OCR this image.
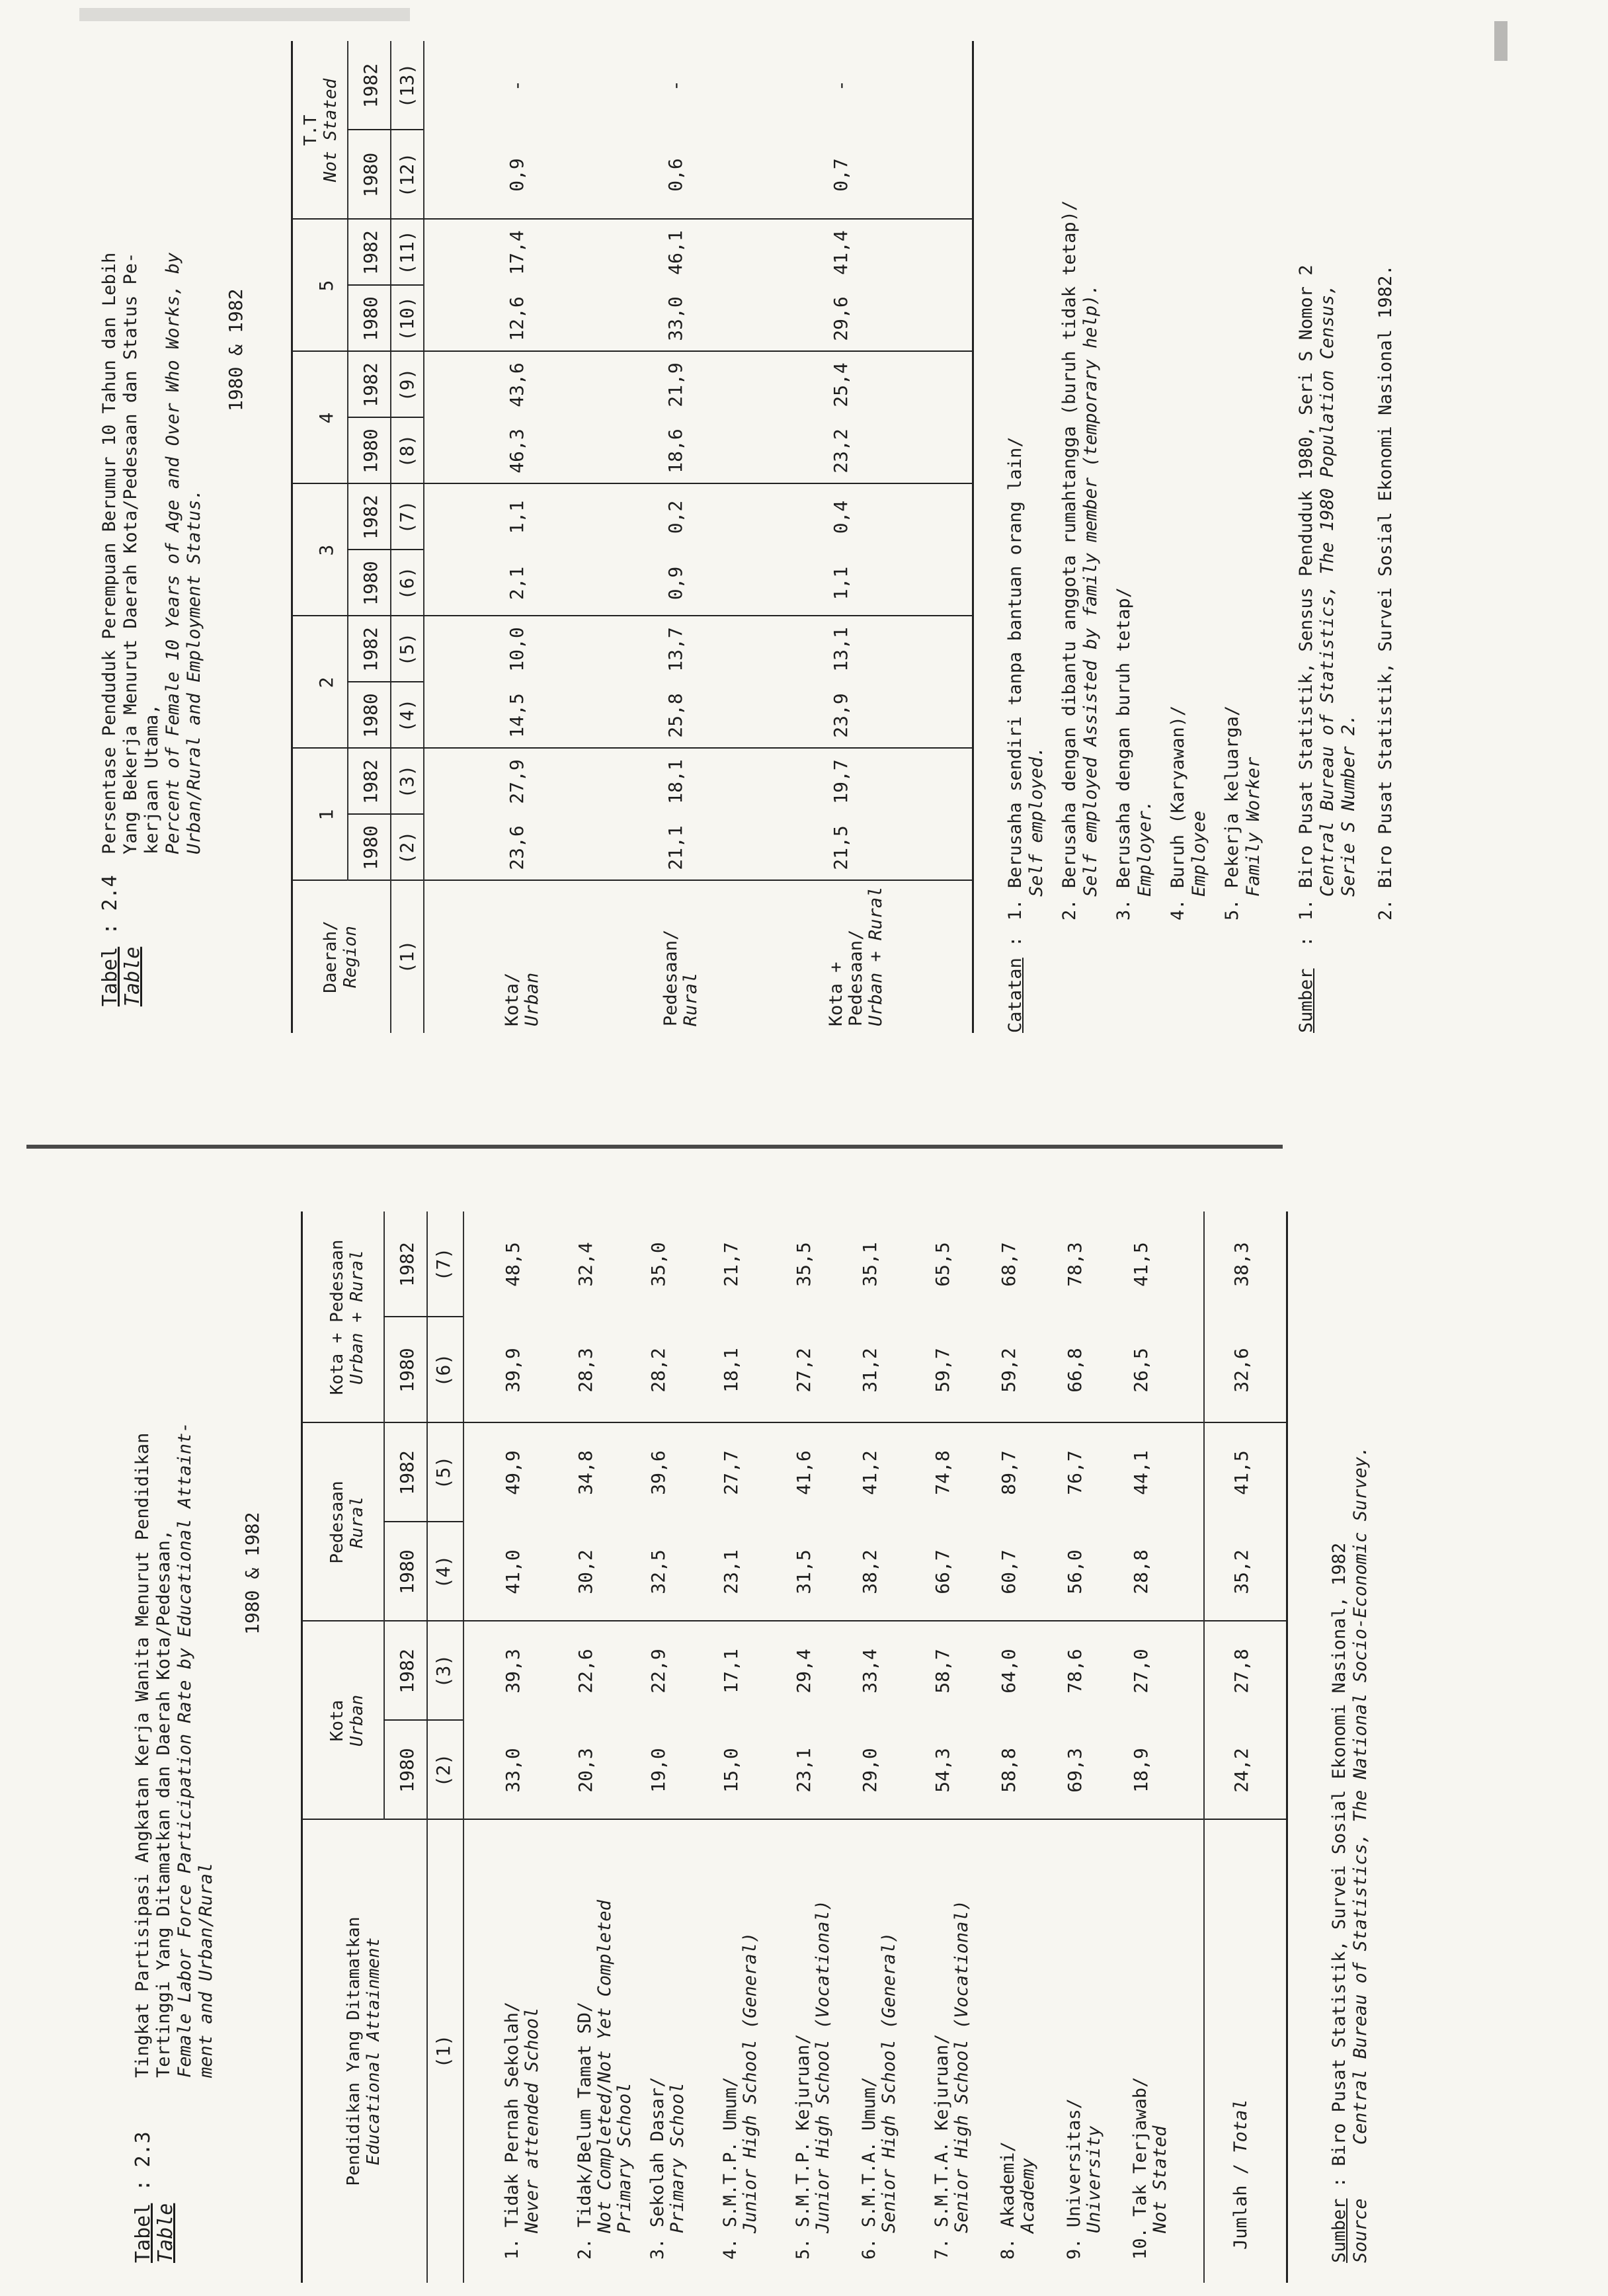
Tabel : 2.3
Table
Tingkat Partisipasi Angkatan Kerja Wanita Menurut Pendidikan Tertinggi Yang Ditamatkan dan Daerah Kota/Pedesaan, Female Labor Force Participation Rate by Educational Attaint- ment and Urban/Rural
1980 & 1982
Pendidikan Yang Ditamatkan Educational Attainment	(1)
Kota Urban
Pedesaan Rural
Kota + Pedesaan Urban + Rural
1980
1982
1980
1982
1980
1982
(2)
(3)
(4)
(5)
(6)
(7)
1. Tidak Pernah Sekolah/
Never attended School
33,0
39,3
41,0
49,9
39,9
48,5
2. Tidak/Belum Tamat SD/
Not Completed/Not Yet Completed Primary School
20,3
22,6
30,2
34,8
28,3
32,4
3. Sekolah Dasar/
Primary School
19,0
22,9
32,5
39,6
28,2
35,0
4. S.M.T.P. Umum/
Junior High School (General)
15,0
17,1
23,1
27,7
18,1
21,7
5. S.M.T.P. Kejuruan/
Junior High School (Vocational)
23,1
29,4
31,5
41,6
27,2
35,5
6. S.M.T.A. Umum/
Senior High School (General)
29,0
33,4
38,2
41,2
31,2
35,1
7. S.M.T.A. Kejuruan/
Senior High School (Vocational)
54,3
58,7
66,7
74,8
59,7
65,5
8. Akademi/
Academy
58,8
64,0
60,7
89,7
59,2
68,7
9. Universitas/
University
69,3
78,6
56,0
76,7
66,8
78,3
10. Tak Terjawab/
Not Stated
18,9
27,0
28,8
44,1
26,5
41,5
Jumlah / Total
24,2
27,8
35,2
41,5
32,6
38,3
Sumber : Biro Pusat Statistik, Survei Sosial Ekonomi Nasional, 1982
Source     Central Bureau of Statistics, The National Socio-Economic Survey.
Tabel : 2.4
Table
Persentase Penduduk Perempuan Berumur 10 Tahun dan Lebih Yang Bekerja Menurut Daerah Kota/Pedesaan dan Status Pe- kerjaan Utama, Percent of Female 10 Years of Age and Over Who Works, by Urban/Rural and Employment Status.
1980 & 1982
Daerah/ Region (1)
1
1980
1982
2
1980
1982
3
1980
1982
4
1980
1982
5
1980
1982
T.T Not Stated 1980
1982
(2)
(3)
(4)
(5)
(6)
(7)
(8)
(9)
(10)
(11)
(12)
(13)
Kota/ Urban
23,6
27,9
14,5
10,0
2,1
1,1
46,3
43,6
12,6
17,4
0,9
-
Pedesaan/ Rural
21,1
18,1
25,8
13,7
0,9
0,2
18,6
21,9
33,0
46,1
0,6
-
Kota + Pedesaan/ Urban + Rural
21,5
19,7
23,9
13,1
1,1
0,4
23,2
25,4
29,6
41,4
0,7
-
Catatan
:
1. Berusaha sendiri tanpa bantuan orang lain/ Self employed. 2. Berusaha dengan dibantu anggota rumahtangga (buruh tidak tetap)/ Self employed Assisted by family member (temporary help). 3. Berusaha dengan buruh tetap/ Employer. 4. Buruh (Karyawan)/ Employee 5. Pekerja keluarga/ Family Worker
Sumber
:
1. Biro Pusat Statistik, Sensus Penduduk 1980, Seri S Nomor 2 Central Bureau of Statistics, The 1980 Population Census, Serie S Number 2. 2. Biro Pusat Statistik, Survei Sosial Ekonomi Nasional 1982.
